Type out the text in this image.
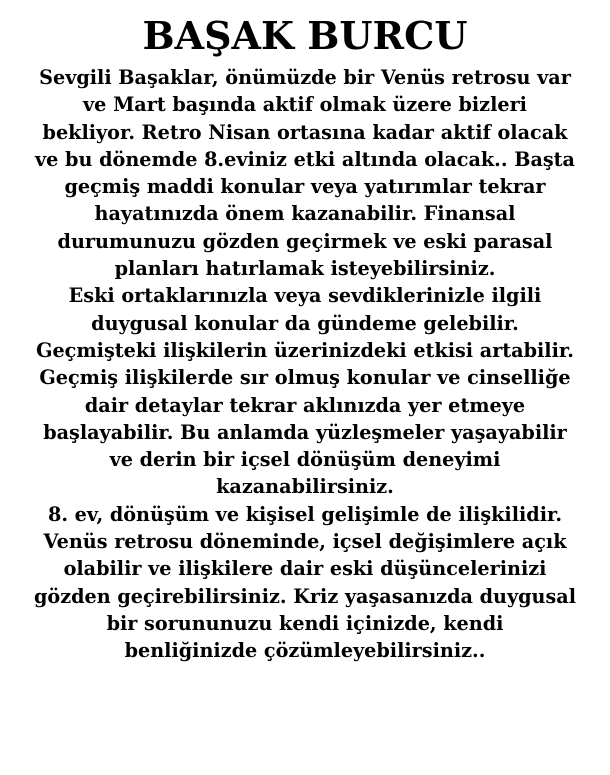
BAŞAK BURCU
Sevgili Başaklar, önümüzde bir Venüs retrosu var
ve Mart başında aktif olmak üzere bizleri
bekliyor. Retro Nisan ortasına kadar aktif olacak
ve bu dönemde 8.eviniz etki altında olacak.. Başta
geçmiş maddi konular veya yatırımlar tekrar
hayatınızda önem kazanabilir. Finansal
durumunuzu gözden geçirmek ve eski parasal
planları hatırlamak isteyebilirsiniz.
Eski ortaklarınızla veya sevdiklerinizle ilgili
duygusal konular da gündeme gelebilir.
Geçmişteki ilişkilerin üzerinizdeki etkisi artabilir.
Geçmiş ilişkilerde sır olmuş konular ve cinselliğe
dair detaylar tekrar aklınızda yer etmeye
başlayabilir. Bu anlamda yüzleşmeler yaşayabilir
ve derin bir içsel dönüşüm deneyimi
kazanabilirsiniz.
8. ev, dönüşüm ve kişisel gelişimle de ilişkilidir.
Venüs retrosu döneminde, içsel değişimlere açık
olabilir ve ilişkilere dair eski düşüncelerinizi
gözden geçirebilirsiniz. Kriz yaşasanızda duygusal
bir sorununuzu kendi içinizde, kendi
benliğinizde çözümleyebilirsiniz..
